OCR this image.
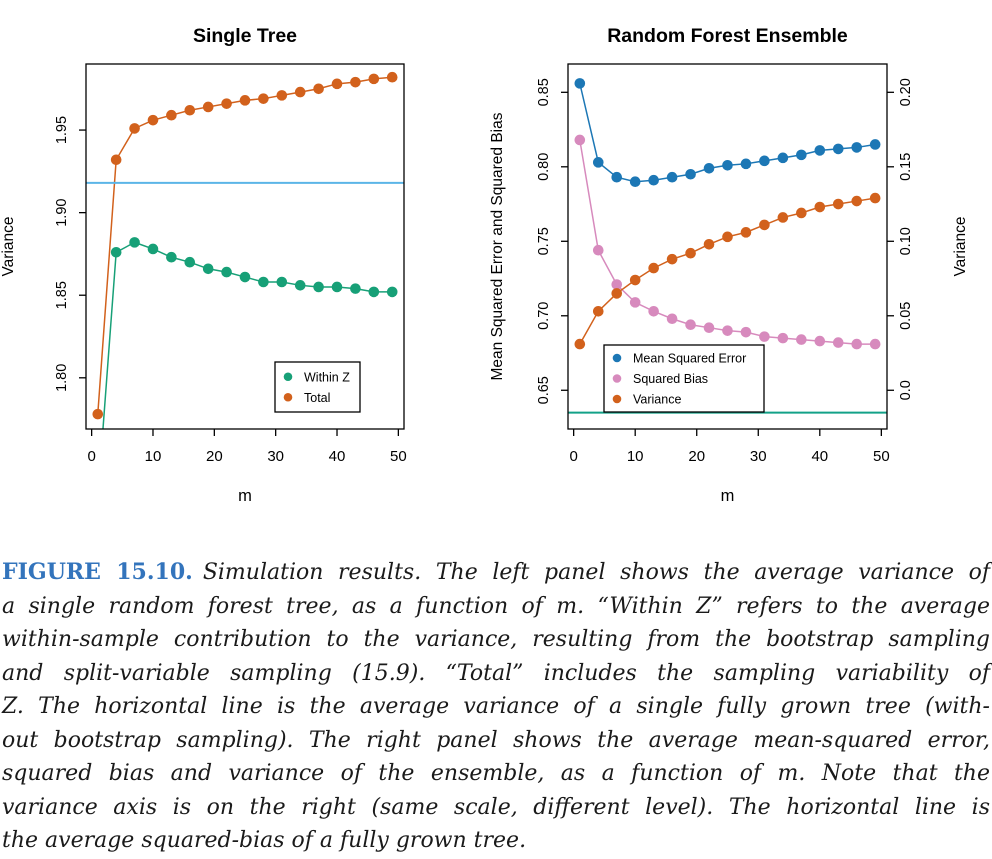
0	10	20	30	40	50
m
1.80
1.85
1.90
1.95
Variance
Single Tree
Within Z
Total
0	10	20	30	40	50
m
0.65
0.70
0.75
0.80
0.85
Mean Squared Error and Squared Bias
0.0
0.05
0.10
0.15
0.20
Variance
Random Forest Ensemble
Mean Squared Error
Squared Bias
Variance

FIGURE 15.10. Simulation results. The left panel shows the average variance of

a single random forest tree, as a function of m. “Within Z” refers to the average

within-sample contribution to the variance, resulting from the bootstrap sampling

and split-variable sampling (15.9). “Total” includes the sampling variability of

Z. The horizontal line is the average variance of a single fully grown tree (with-

out bootstrap sampling). The right panel shows the average mean-squared error,

squared bias and variance of the ensemble, as a function of m. Note that the

variance axis is on the right (same scale, different level). The horizontal line is

the average squared-bias of a fully grown tree.
